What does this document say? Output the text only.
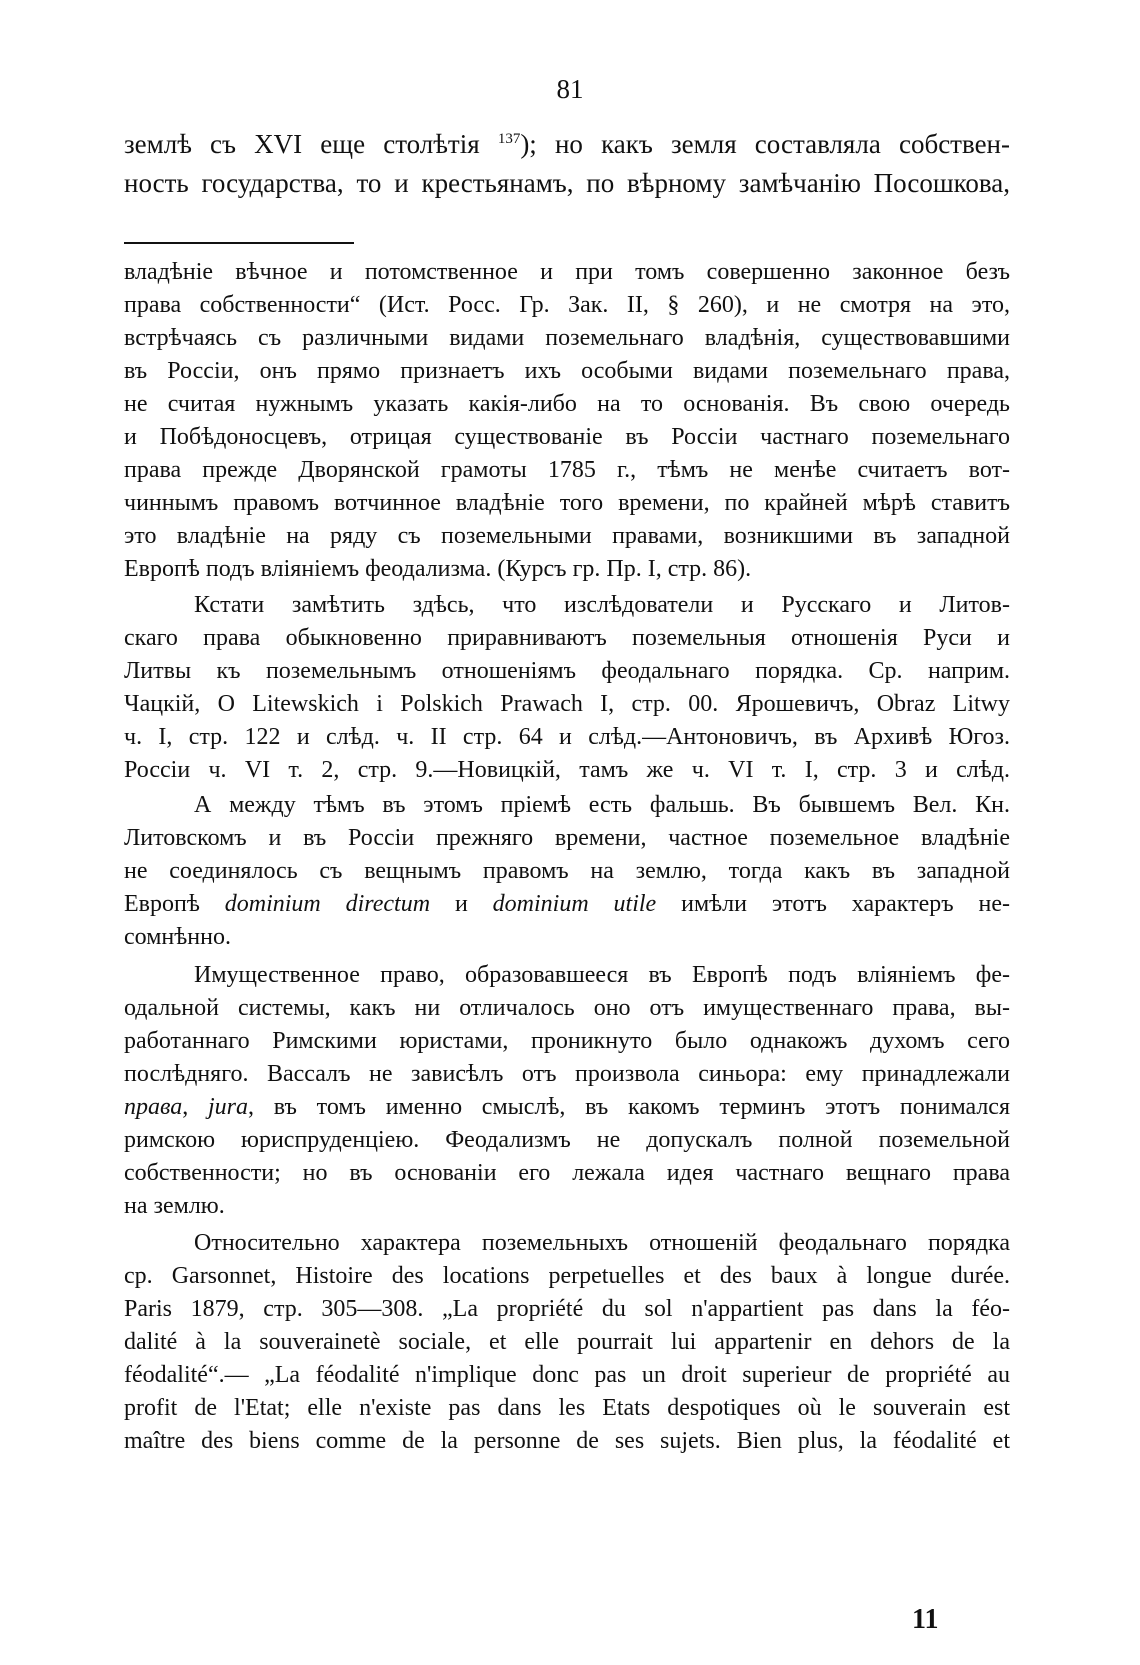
81
землѣ съ XVI еще столѣтія $^{137}$); но какъ земля составляла собствен-
ность государства, то и крестьянамъ, по вѣрному замѣчанію Посошкова,
владѣніе вѣчное и потомственное и при томъ совершенно законное безъ
права собственности“ (Ист. Росс. Гр. Зак. II, § 260), и не смотря на это,
встрѣчаясь съ различными видами поземельнаго владѣнія, существовавшими
въ Россіи, онъ прямо признаетъ ихъ особыми видами поземельнаго права,
не считая нужнымъ указать какія-либо на то основанія. Въ свою очередь
и Побѣдоносцевъ, отрицая существованіе въ Россіи частнаго поземельнаго
права прежде Дворянской грамоты 1785 г., тѣмъ не менѣе считаетъ вот-
чиннымъ правомъ вотчинное владѣніе того времени, по крайней мѣрѣ ставитъ
это владѣніе на ряду съ поземельными правами, возникшими въ западной
Европѣ подъ вліяніемъ феодализма. (Курсъ гр. Пр. I, стр. 86).
Кстати замѣтить здѣсь, что изслѣдователи и Русскаго и Литов-
скаго права обыкновенно приравниваютъ поземельныя отношенія Руси и
Литвы къ поземельнымъ отношеніямъ феодальнаго порядка. Ср. наприм.
Чацкій, O Litewskich i Polskich Prawach I, стр. 00. Ярошевичъ, Obraz Litwy
ч. I, стр. 122 и слѣд. ч. II стр. 64 и слѣд.—Антоновичъ, въ Архивѣ Югоз.
Россіи ч. VI т. 2, стр. 9.—Новицкій, тамъ же ч. VI т. I, стр. 3 и слѣд.
А между тѣмъ въ этомъ пріемѣ есть фальшь. Въ бывшемъ Вел. Кн.
Литовскомъ и въ Россіи прежняго времени, частное поземельное владѣніе
не соединялось съ вещнымъ правомъ на землю, тогда какъ въ западной
Европѣ dominium directum и dominium utile имѣли этотъ характеръ не-
сомнѣнно.
Имущественное право, образовавшееся въ Европѣ подъ вліяніемъ фе-
одальной системы, какъ ни отличалось оно отъ имущественнаго права, вы-
работаннаго Римскими юристами, проникнуто было однакожъ духомъ сего
послѣдняго. Вассалъ не зависѣлъ отъ произвола синьора: ему принадлежали
права, jura, въ томъ именно смыслѣ, въ какомъ терминъ этотъ понимался
римскою юриспруденціею. Феодализмъ не допускалъ полной поземельной
собственности; но въ основаніи его лежала идея частнаго вещнаго права
на землю.
Относительно характера поземельныхъ отношеній феодальнаго порядка
ср. Garsonnet, Histoire des locations perpetuelles et des baux à longue durée.
Paris 1879, стр. 305—308. „La propriété du sol n'appartient pas dans la féo-
dalité à la souverainetè sociale, et elle pourrait lui appartenir en dehors de la
féodalité“.— „La féodalité n'implique donc pas un droit superieur de propriété au
profit de l'Etat; elle n'existe pas dans les Etats despotiques où le souverain est
maître des biens comme de la personne de ses sujets. Bien plus, la féodalité et
11
